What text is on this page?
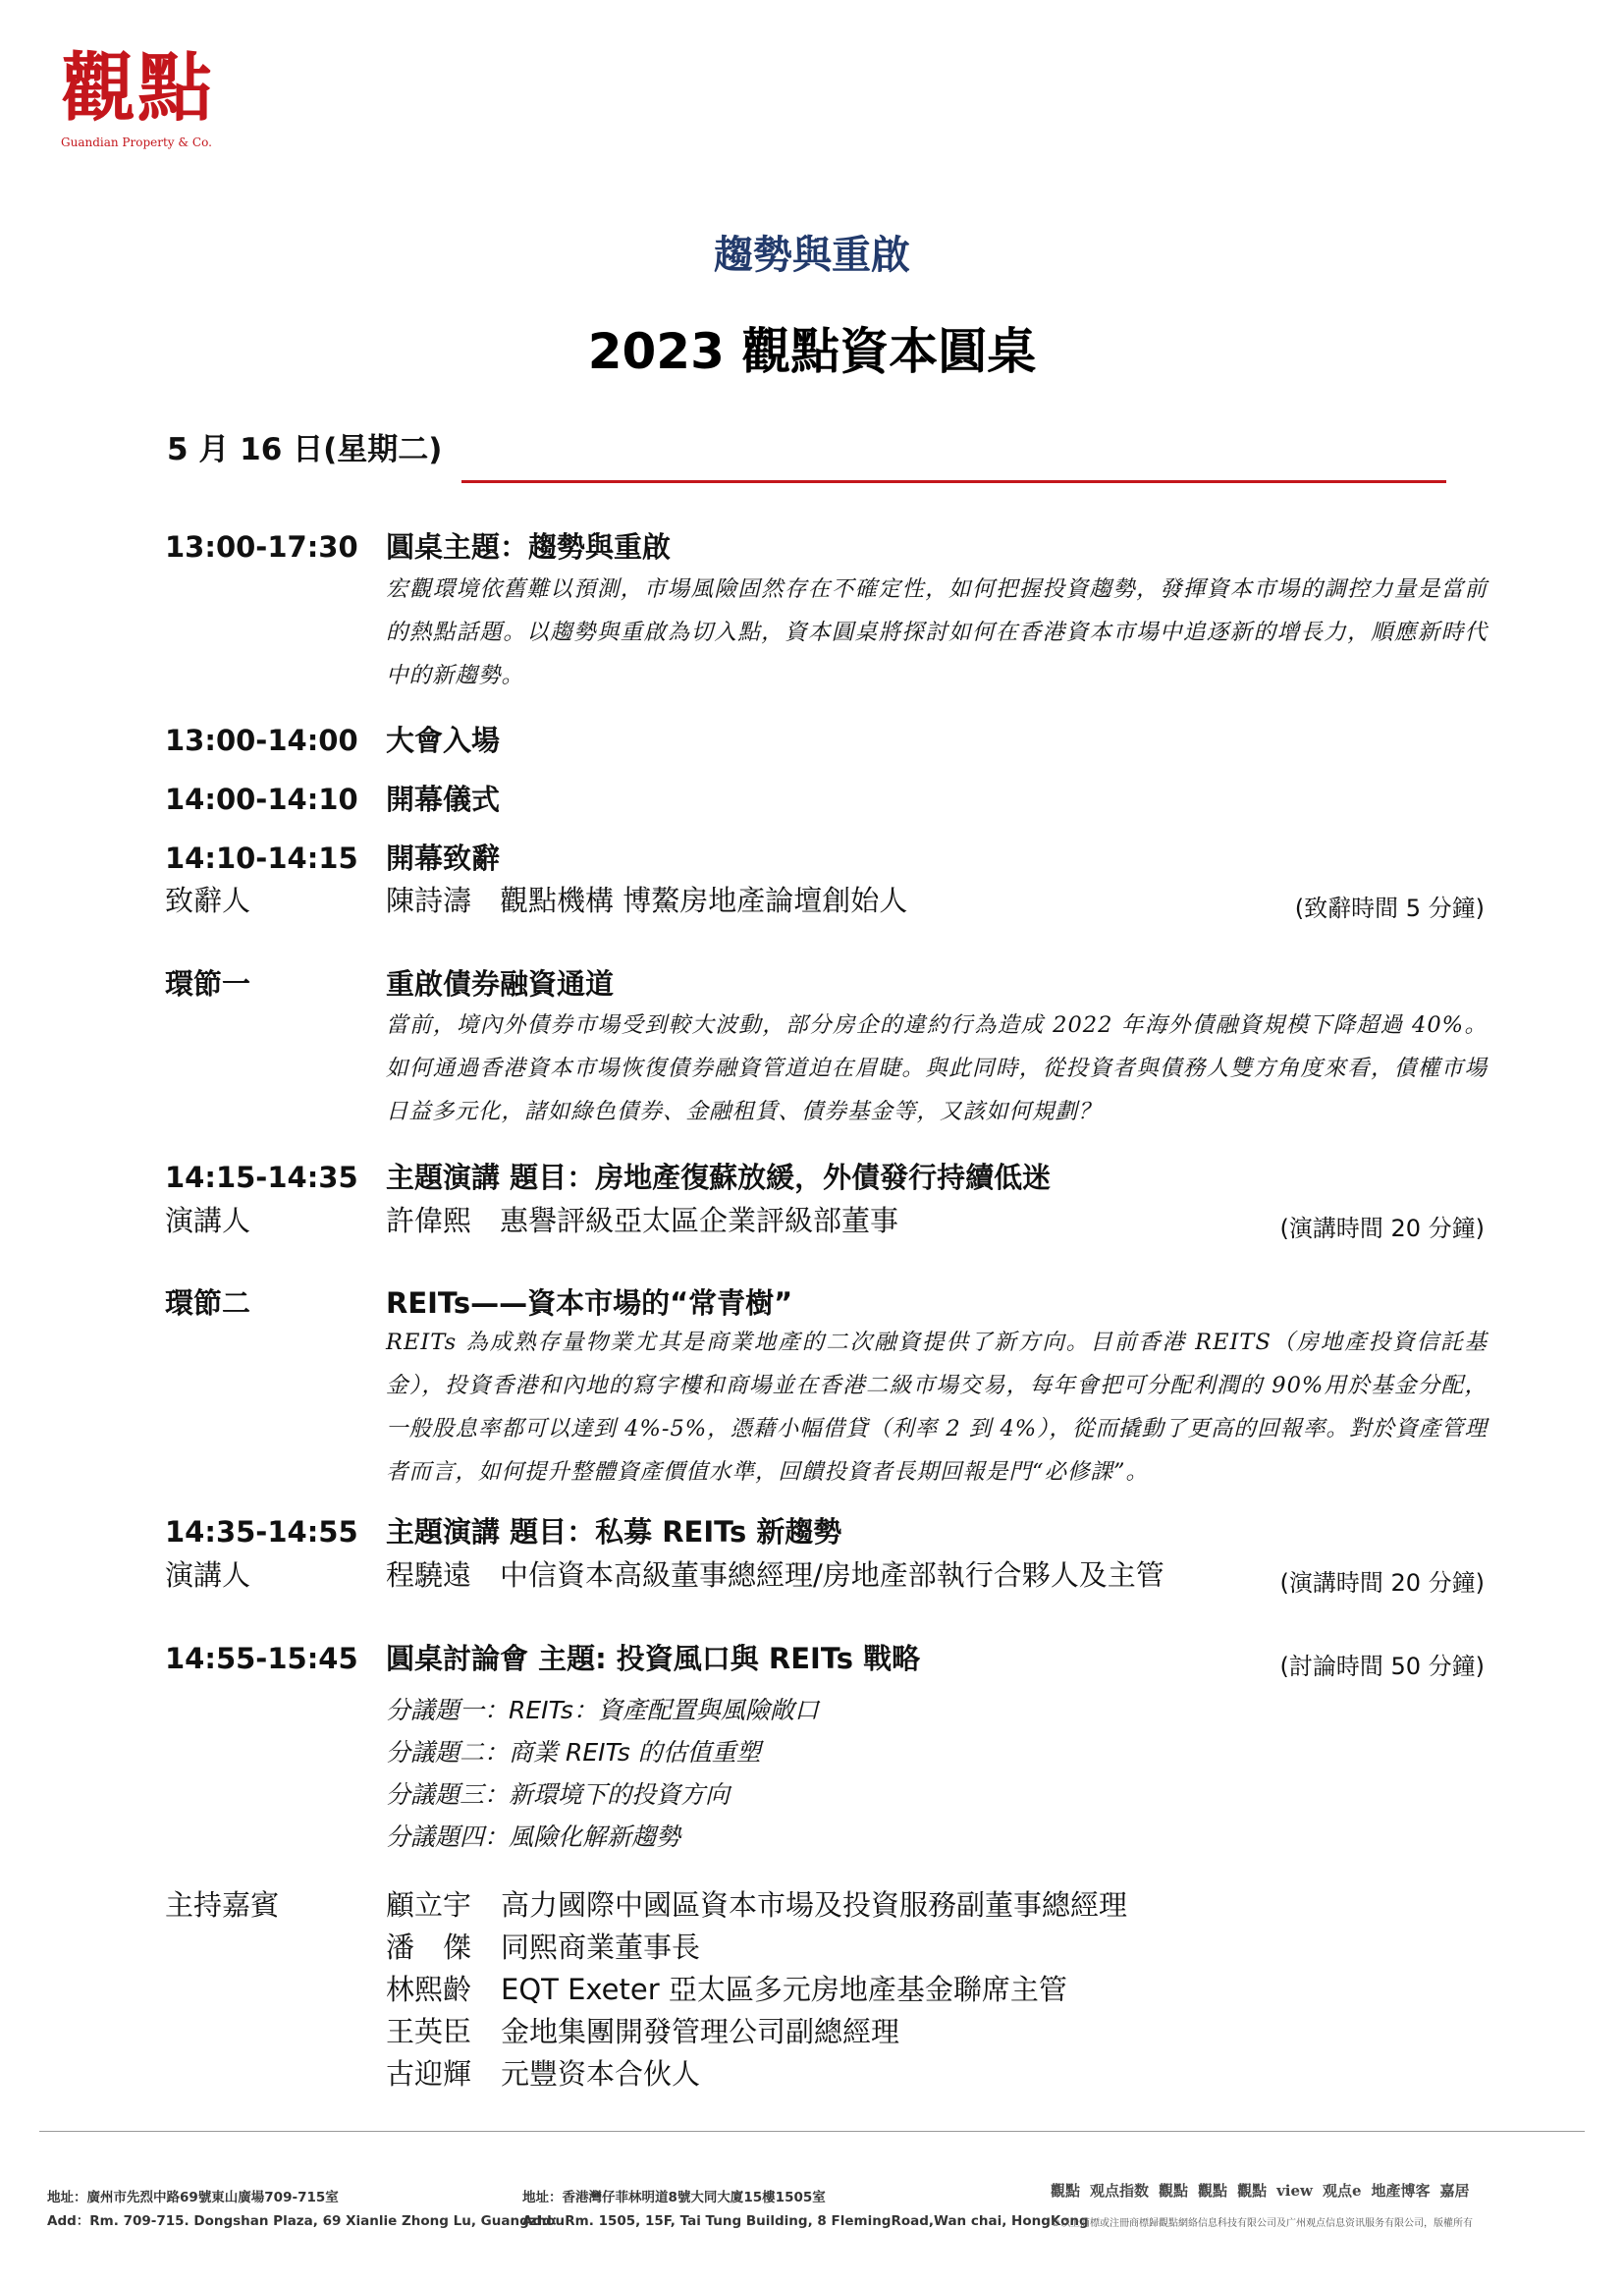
觀點
Guandian Property & Co.
趨勢與重啟
2023 觀點資本圓桌
5 月 16 日(星期二)
13:00-17:30 圓桌主題：趨勢與重啟
宏觀環境依舊難以預測，市場風險固然存在不確定性，如何把握投資趨勢，發揮資本市場的調控力量是當前的熱點話題。以趨勢與重啟為切入點，資本圓桌將探討如何在香港資本市場中追逐新的增長力，順應新時代中的新趨勢。
13:00-14:00 大會入場
14:00-14:10 開幕儀式
14:10-14:15 開幕致辭
致辭人	陳詩濤　觀點機構 博鰲房地產論壇創始人	(致辭時間 5 分鐘)
環節一	重啟債券融資通道
當前，境內外債券市場受到較大波動，部分房企的違約行為造成 2022 年海外債融資規模下降超過 40%。如何通過香港資本市場恢復債券融資管道迫在眉睫。與此同時，從投資者與債務人雙方角度來看，債權市場日益多元化，諸如綠色債券、金融租賃、債券基金等，又該如何規劃？
14:15-14:35 主題演講 題目：房地產復蘇放緩，外債發行持續低迷
演講人	許偉熙　惠譽評級亞太區企業評級部董事	(演講時間 20 分鐘)
環節二	REITs——資本市場的“常青樹”
REITs 為成熟存量物業尤其是商業地產的二次融資提供了新方向。目前香港 REITS（房地產投資信託基金），投資香港和內地的寫字樓和商場並在香港二級市場交易，每年會把可分配利潤的 90%用於基金分配，一般股息率都可以達到 4%-5%，憑藉小幅借貸（利率 2 到 4%），從而撬動了更高的回報率。對於資產管理者而言，如何提升整體資產價值水準，回饋投資者長期回報是門“必修課”。
14:35-14:55 主題演講 題目：私募 REITs 新趨勢
演講人	程驍遠　中信資本高級董事總經理/房地產部執行合夥人及主管	(演講時間 20 分鐘)
14:55-15:45 圓桌討論會 主題: 投資風口與 REITs 戰略	(討論時間 50 分鐘)
分議題一：REITs：資產配置與風險敞口
分議題二：商業 REITs 的估值重塑
分議題三：新環境下的投資方向
分議題四：風險化解新趨勢
主持嘉賓	顧立宇	高力國際中國區資本市場及投資服務副董事總經理
潘　傑	同熙商業董事長
林熙齡	EQT Exeter 亞太區多元房地產基金聯席主管
王英臣	金地集團開發管理公司副總經理
古迎輝	元豐资本合伙人
地址：廣州市先烈中路69號東山廣場709-715室
Add：Rm. 709-715. Dongshan Plaza, 69 Xianlie Zhong Lu, Guangzhou
地址：香港灣仔菲林明道8號大同大廈15樓1505室
Add：Rm. 1505, 15F, Tai Tung Building, 8 FlemingRoad,Wan chai, HongKong
觀點 观点指数 觀點 觀點 觀點 view 观点e 地產博客 嘉居
©以上商標或注冊商標歸觀點網絡信息科技有限公司及广州观点信息资讯服务有限公司，版權所有
